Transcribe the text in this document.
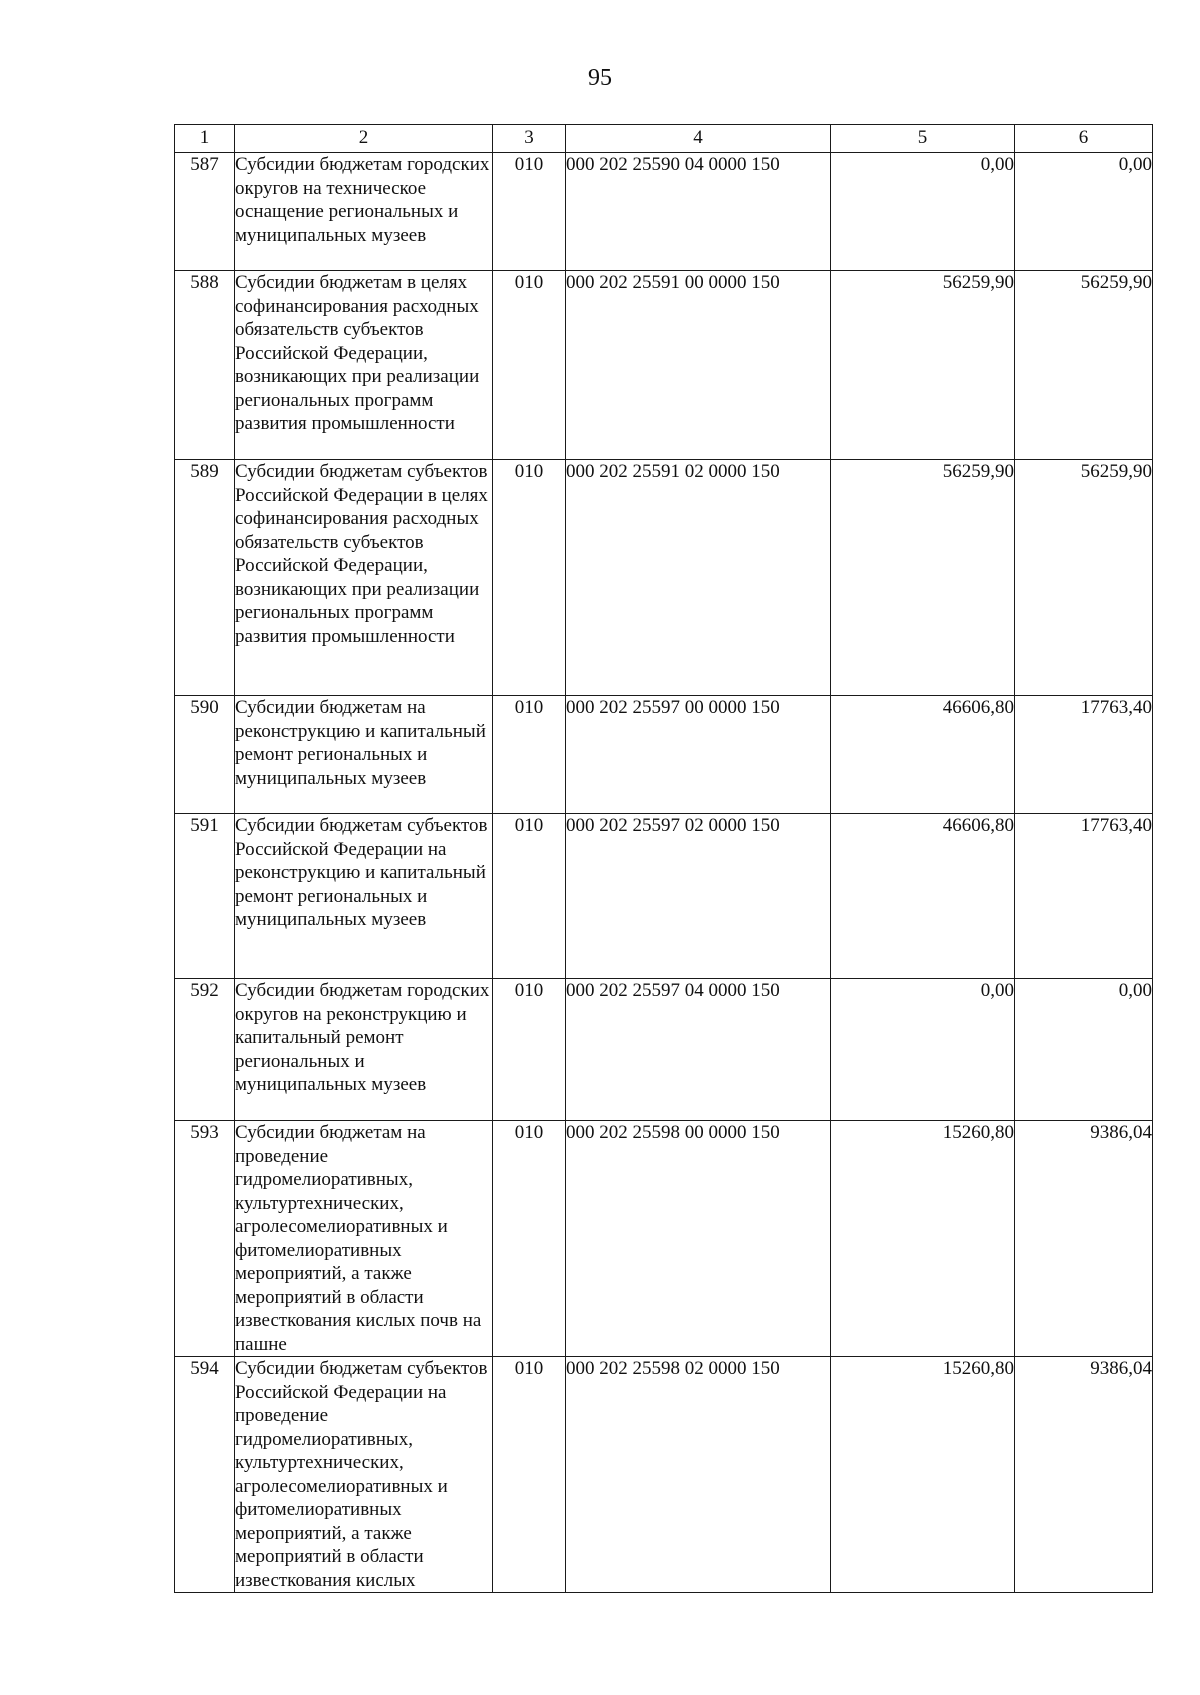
95
1	2	3	4	5	6
587	Субсидии бюджетам городских округов на техническое оснащение региональных и муниципальных музеев	010	000 202 25590 04 0000 150	0,00	0,00
588	Субсидии бюджетам в целях софинансирования расходных обязательств субъектов Российской Федерации, возникающих при реализации региональных программ развития промышленности	010	000 202 25591 00 0000 150	56259,90	56259,90
589	Субсидии бюджетам субъектов Российской Федерации в целях софинансирования расходных обязательств субъектов Российской Федерации, возникающих при реализации региональных программ развития промышленности	010	000 202 25591 02 0000 150	56259,90	56259,90
590	Субсидии бюджетам на реконструкцию и капитальный ремонт региональных и муниципальных музеев	010	000 202 25597 00 0000 150	46606,80	17763,40
591	Субсидии бюджетам субъектов Российской Федерации на реконструкцию и капитальный ремонт региональных и муниципальных музеев	010	000 202 25597 02 0000 150	46606,80	17763,40
592	Субсидии бюджетам городских округов на реконструкцию и капитальный ремонт региональных и муниципальных музеев	010	000 202 25597 04 0000 150	0,00	0,00
593	Субсидии бюджетам на проведение гидромелиоративных, культуртехнических, агролесомелиоративных и фитомелиоративных мероприятий, а также мероприятий в области известкования кислых почв на пашне	010	000 202 25598 00 0000 150	15260,80	9386,04
594	Субсидии бюджетам субъектов Российской Федерации на проведение гидромелиоративных, культуртехнических, агролесомелиоративных и фитомелиоративных мероприятий, а также мероприятий в области известкования кислых	010	000 202 25598 02 0000 150	15260,80	9386,04
